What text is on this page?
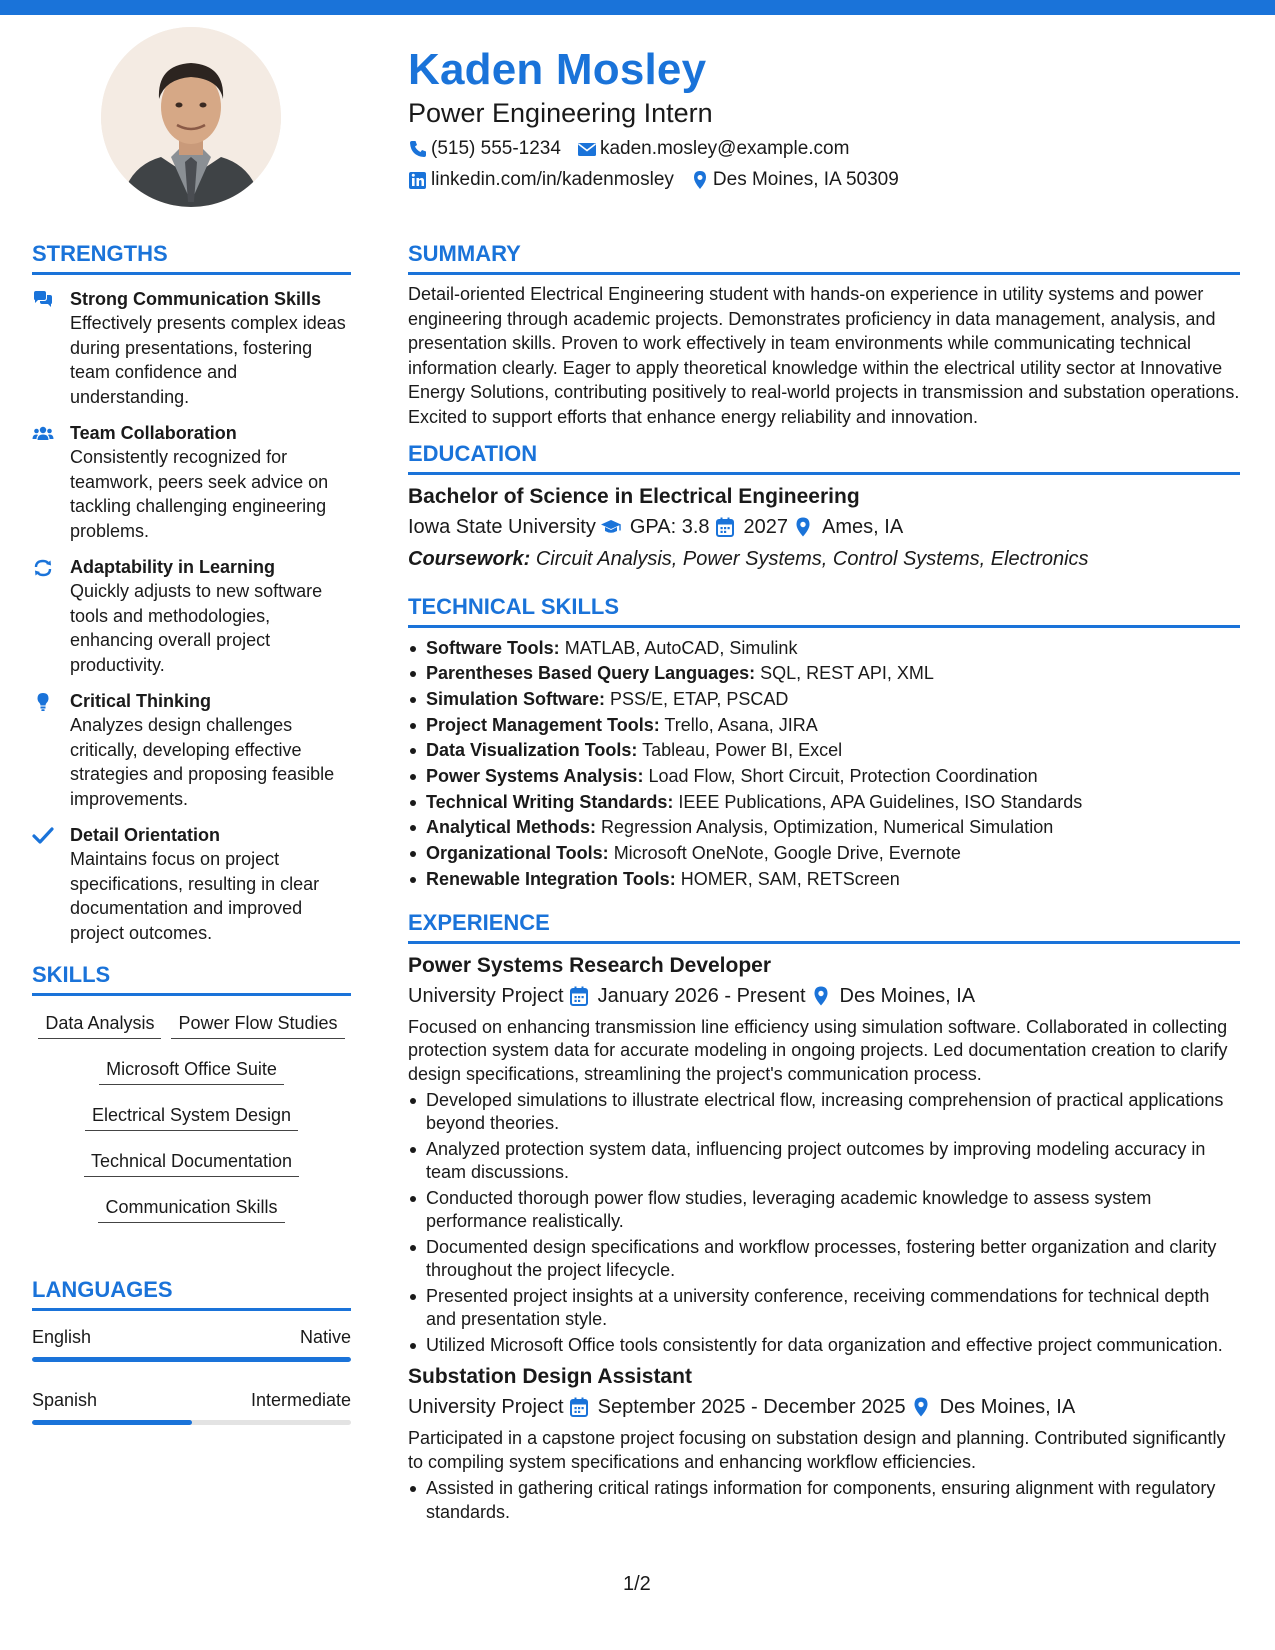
Kaden Mosley
Power Engineering Intern
(515) 555-1234 kaden.mosley@example.com
linkedin.com/in/kadenmosley Des Moines, IA 50309
STRENGTHS
Strong Communication Skills
Effectively presents complex ideas during presentations, fostering team confidence and understanding.
Team Collaboration
Consistently recognized for teamwork, peers seek advice on tackling challenging engineering problems.
Adaptability in Learning
Quickly adjusts to new software tools and methodologies, enhancing overall project productivity.
Critical Thinking
Analyzes design challenges critically, developing effective strategies and proposing feasible improvements.
Detail Orientation
Maintains focus on project specifications, resulting in clear documentation and improved project outcomes.
SKILLS
Data Analysis	Power Flow Studies
Microsoft Office Suite
Electrical System Design
Technical Documentation
Communication Skills
LANGUAGES
English	Native
Spanish	Intermediate
SUMMARY
Detail-oriented Electrical Engineering student with hands-on experience in utility systems and power engineering through academic projects. Demonstrates proficiency in data management, analysis, and presentation skills. Proven to work effectively in team environments while communicating technical information clearly. Eager to apply theoretical knowledge within the electrical utility sector at Innovative Energy Solutions, contributing positively to real-world projects in transmission and substation operations. Excited to support efforts that enhance energy reliability and innovation.
EDUCATION
Bachelor of Science in Electrical Engineering
Iowa State University GPA: 3.8 2027 Ames, IA
Coursework: Circuit Analysis, Power Systems, Control Systems, Electronics
TECHNICAL SKILLS
Software Tools: MATLAB, AutoCAD, Simulink
Parentheses Based Query Languages: SQL, REST API, XML
Simulation Software: PSS/E, ETAP, PSCAD
Project Management Tools: Trello, Asana, JIRA
Data Visualization Tools: Tableau, Power BI, Excel
Power Systems Analysis: Load Flow, Short Circuit, Protection Coordination
Technical Writing Standards: IEEE Publications, APA Guidelines, ISO Standards
Analytical Methods: Regression Analysis, Optimization, Numerical Simulation
Organizational Tools: Microsoft OneNote, Google Drive, Evernote
Renewable Integration Tools: HOMER, SAM, RETScreen
EXPERIENCE
Power Systems Research Developer
University Project January 2026 - Present Des Moines, IA
Focused on enhancing transmission line efficiency using simulation software. Collaborated in collecting protection system data for accurate modeling in ongoing projects. Led documentation creation to clarify design specifications, streamlining the project's communication process.
Developed simulations to illustrate electrical flow, increasing comprehension of practical applications beyond theories.
Analyzed protection system data, influencing project outcomes by improving modeling accuracy in team discussions.
Conducted thorough power flow studies, leveraging academic knowledge to assess system performance realistically.
Documented design specifications and workflow processes, fostering better organization and clarity throughout the project lifecycle.
Presented project insights at a university conference, receiving commendations for technical depth and presentation style.
Utilized Microsoft Office tools consistently for data organization and effective project communication.
Substation Design Assistant
University Project September 2025 - December 2025 Des Moines, IA
Participated in a capstone project focusing on substation design and planning. Contributed significantly to compiling system specifications and enhancing workflow efficiencies.
Assisted in gathering critical ratings information for components, ensuring alignment with regulatory standards.
1/2
